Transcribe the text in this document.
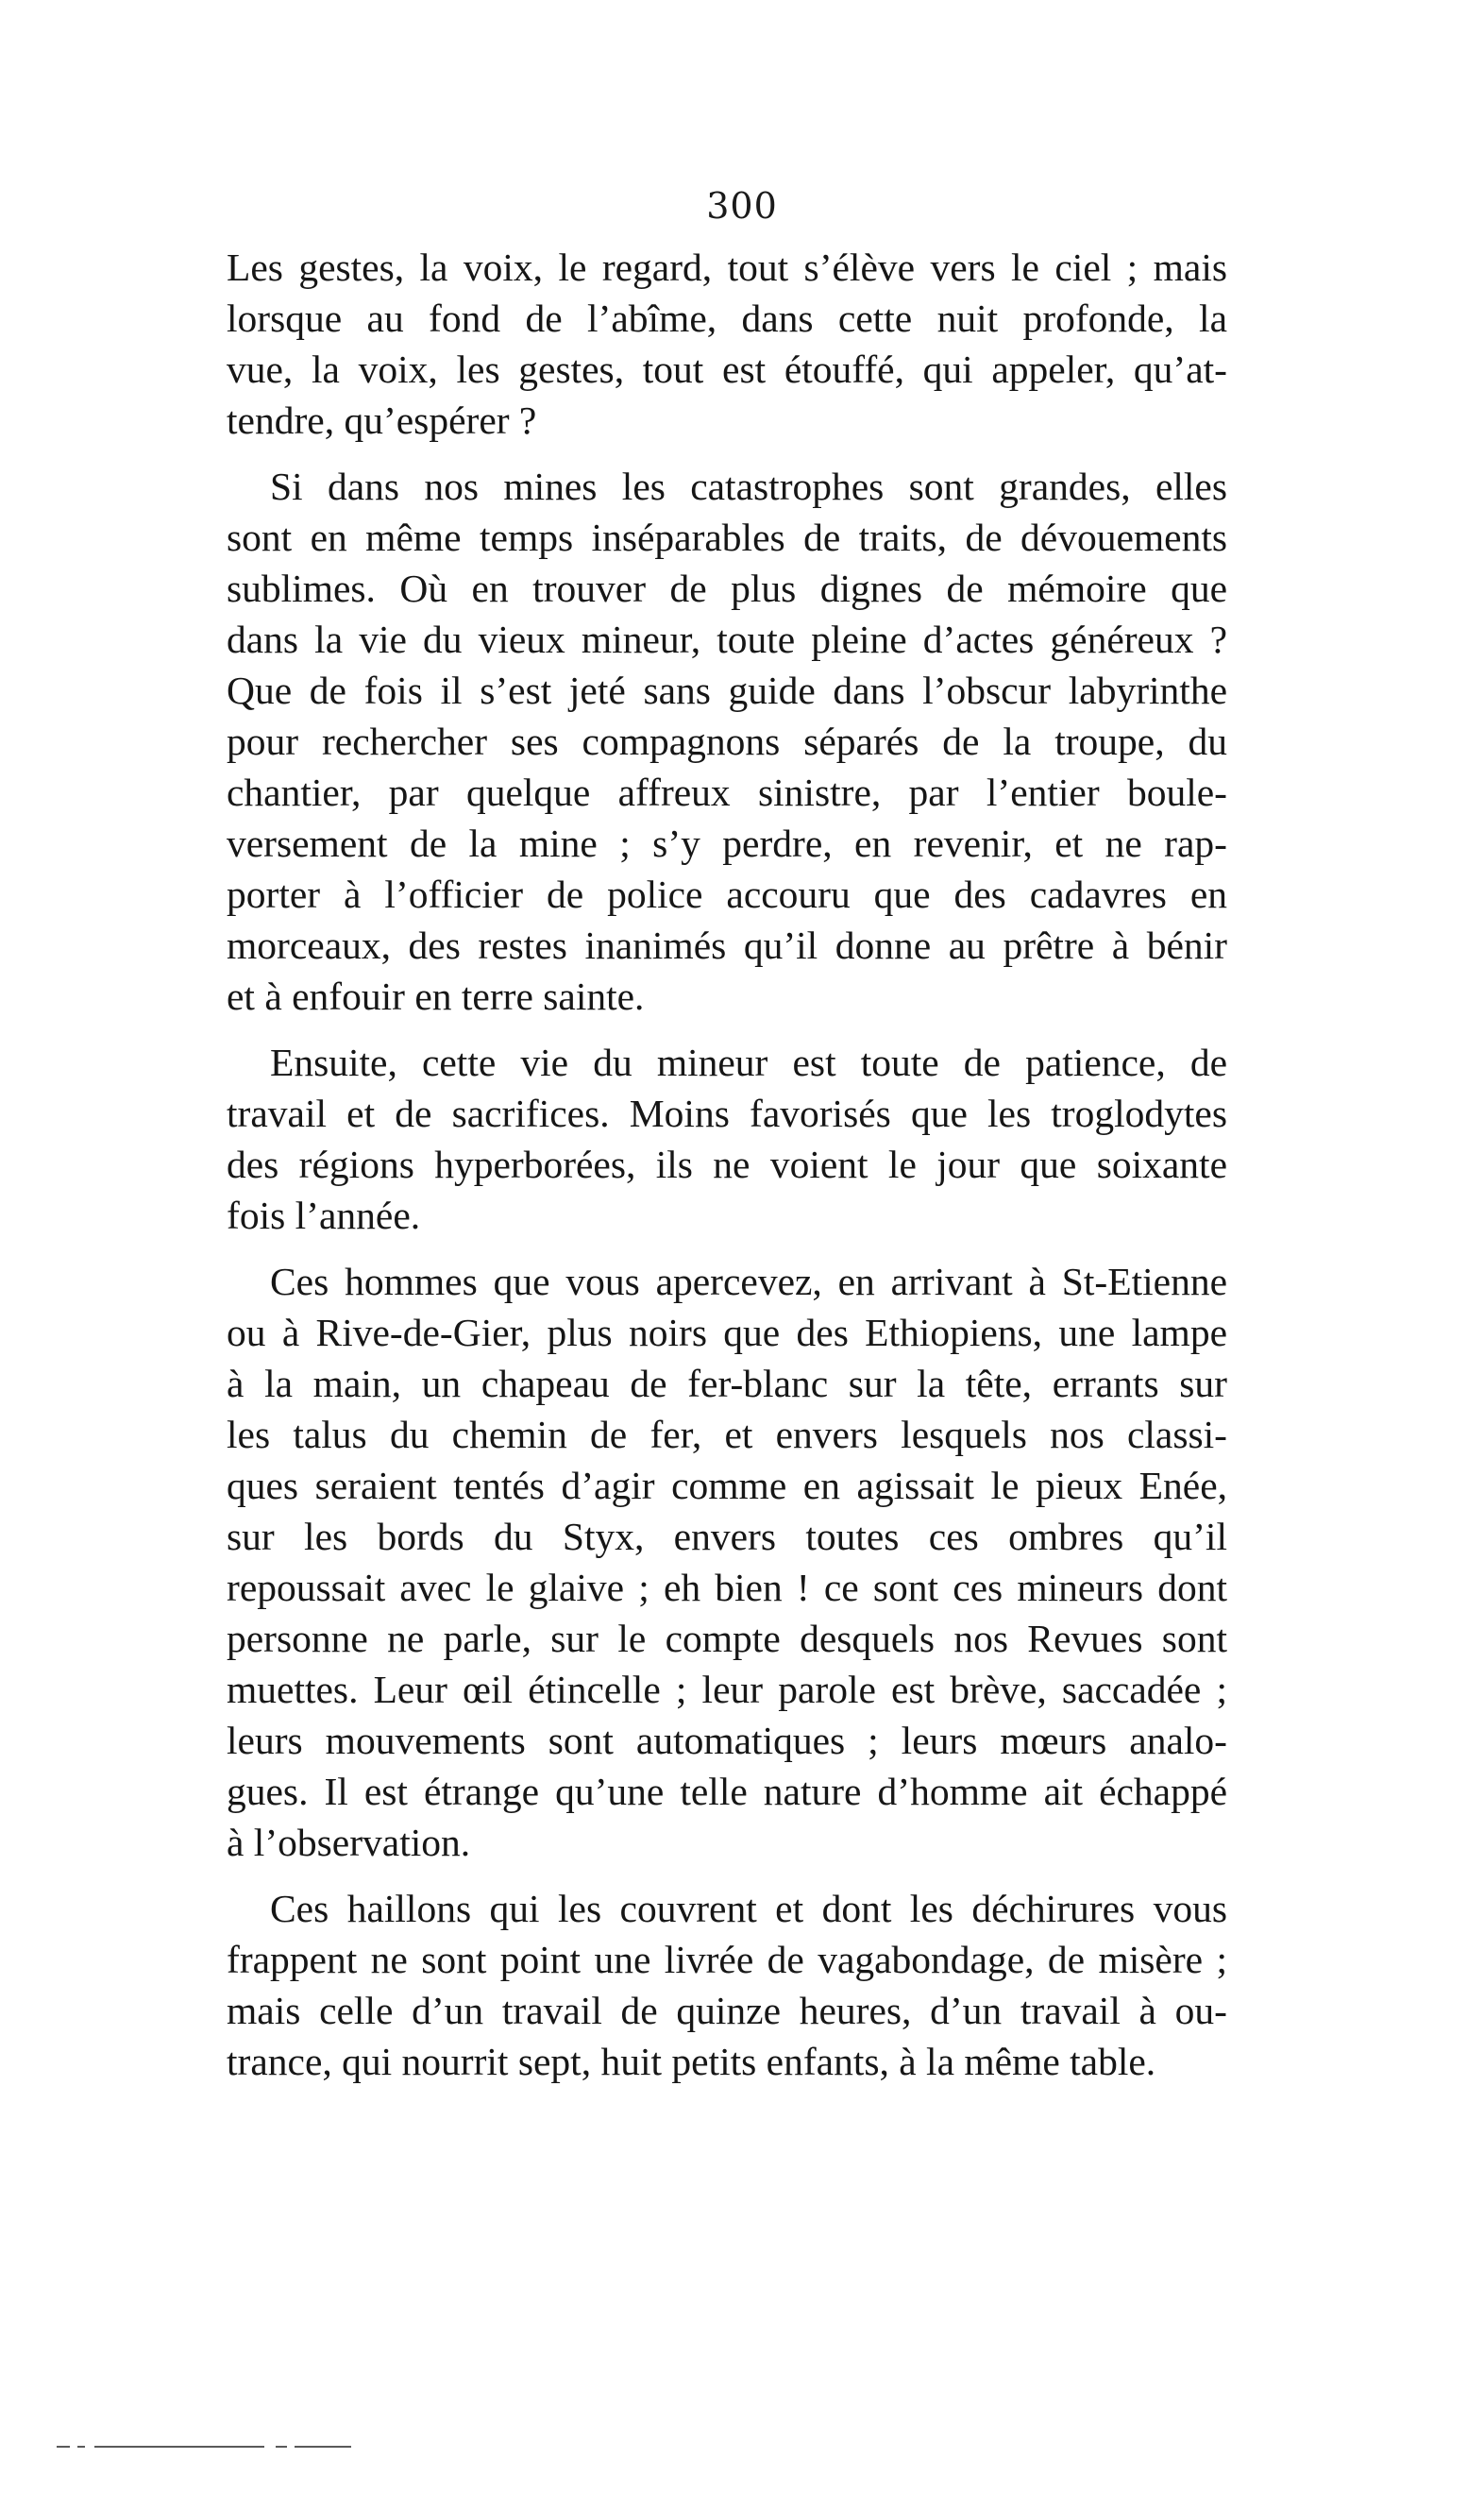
300

Les gestes, la voix, le regard, tout s’élève vers le ciel ; mais
lorsque au fond de l’abîme, dans cette nuit profonde, la
vue, la voix, les gestes, tout est étouffé, qui appeler, qu’at-
tendre, qu’espérer ?

Si dans nos mines les catastrophes sont grandes, elles
sont en même temps inséparables de traits, de dévouements
sublimes. Où en trouver de plus dignes de mémoire que
dans la vie du vieux mineur, toute pleine d’actes généreux ?
Que de fois il s’est jeté sans guide dans l’obscur labyrinthe
pour rechercher ses compagnons séparés de la troupe, du
chantier, par quelque affreux sinistre, par l’entier boule-
versement de la mine ; s’y perdre, en revenir, et ne rap-
porter à l’officier de police accouru que des cadavres en
morceaux, des restes inanimés qu’il donne au prêtre à bénir
et à enfouir en terre sainte.

Ensuite, cette vie du mineur est toute de patience, de
travail et de sacrifices. Moins favorisés que les troglodytes
des régions hyperborées, ils ne voient le jour que soixante
fois l’année.

Ces hommes que vous apercevez, en arrivant à St-Etienne
ou à Rive-de-Gier, plus noirs que des Ethiopiens, une lampe
à la main, un chapeau de fer-blanc sur la tête, errants sur
les talus du chemin de fer, et envers lesquels nos classi-
ques seraient tentés d’agir comme en agissait le pieux Enée,
sur les bords du Styx, envers toutes ces ombres qu’il
repoussait avec le glaive ; eh bien ! ce sont ces mineurs dont
personne ne parle, sur le compte desquels nos Revues sont
muettes. Leur œil étincelle ; leur parole est brève, saccadée ;
leurs mouvements sont automatiques ; leurs mœurs analo-
gues. Il est étrange qu’une telle nature d’homme ait échappé
à l’observation.

Ces haillons qui les couvrent et dont les déchirures vous
frappent ne sont point une livrée de vagabondage, de misère ;
mais celle d’un travail de quinze heures, d’un travail à ou-
trance, qui nourrit sept, huit petits enfants, à la même table.
